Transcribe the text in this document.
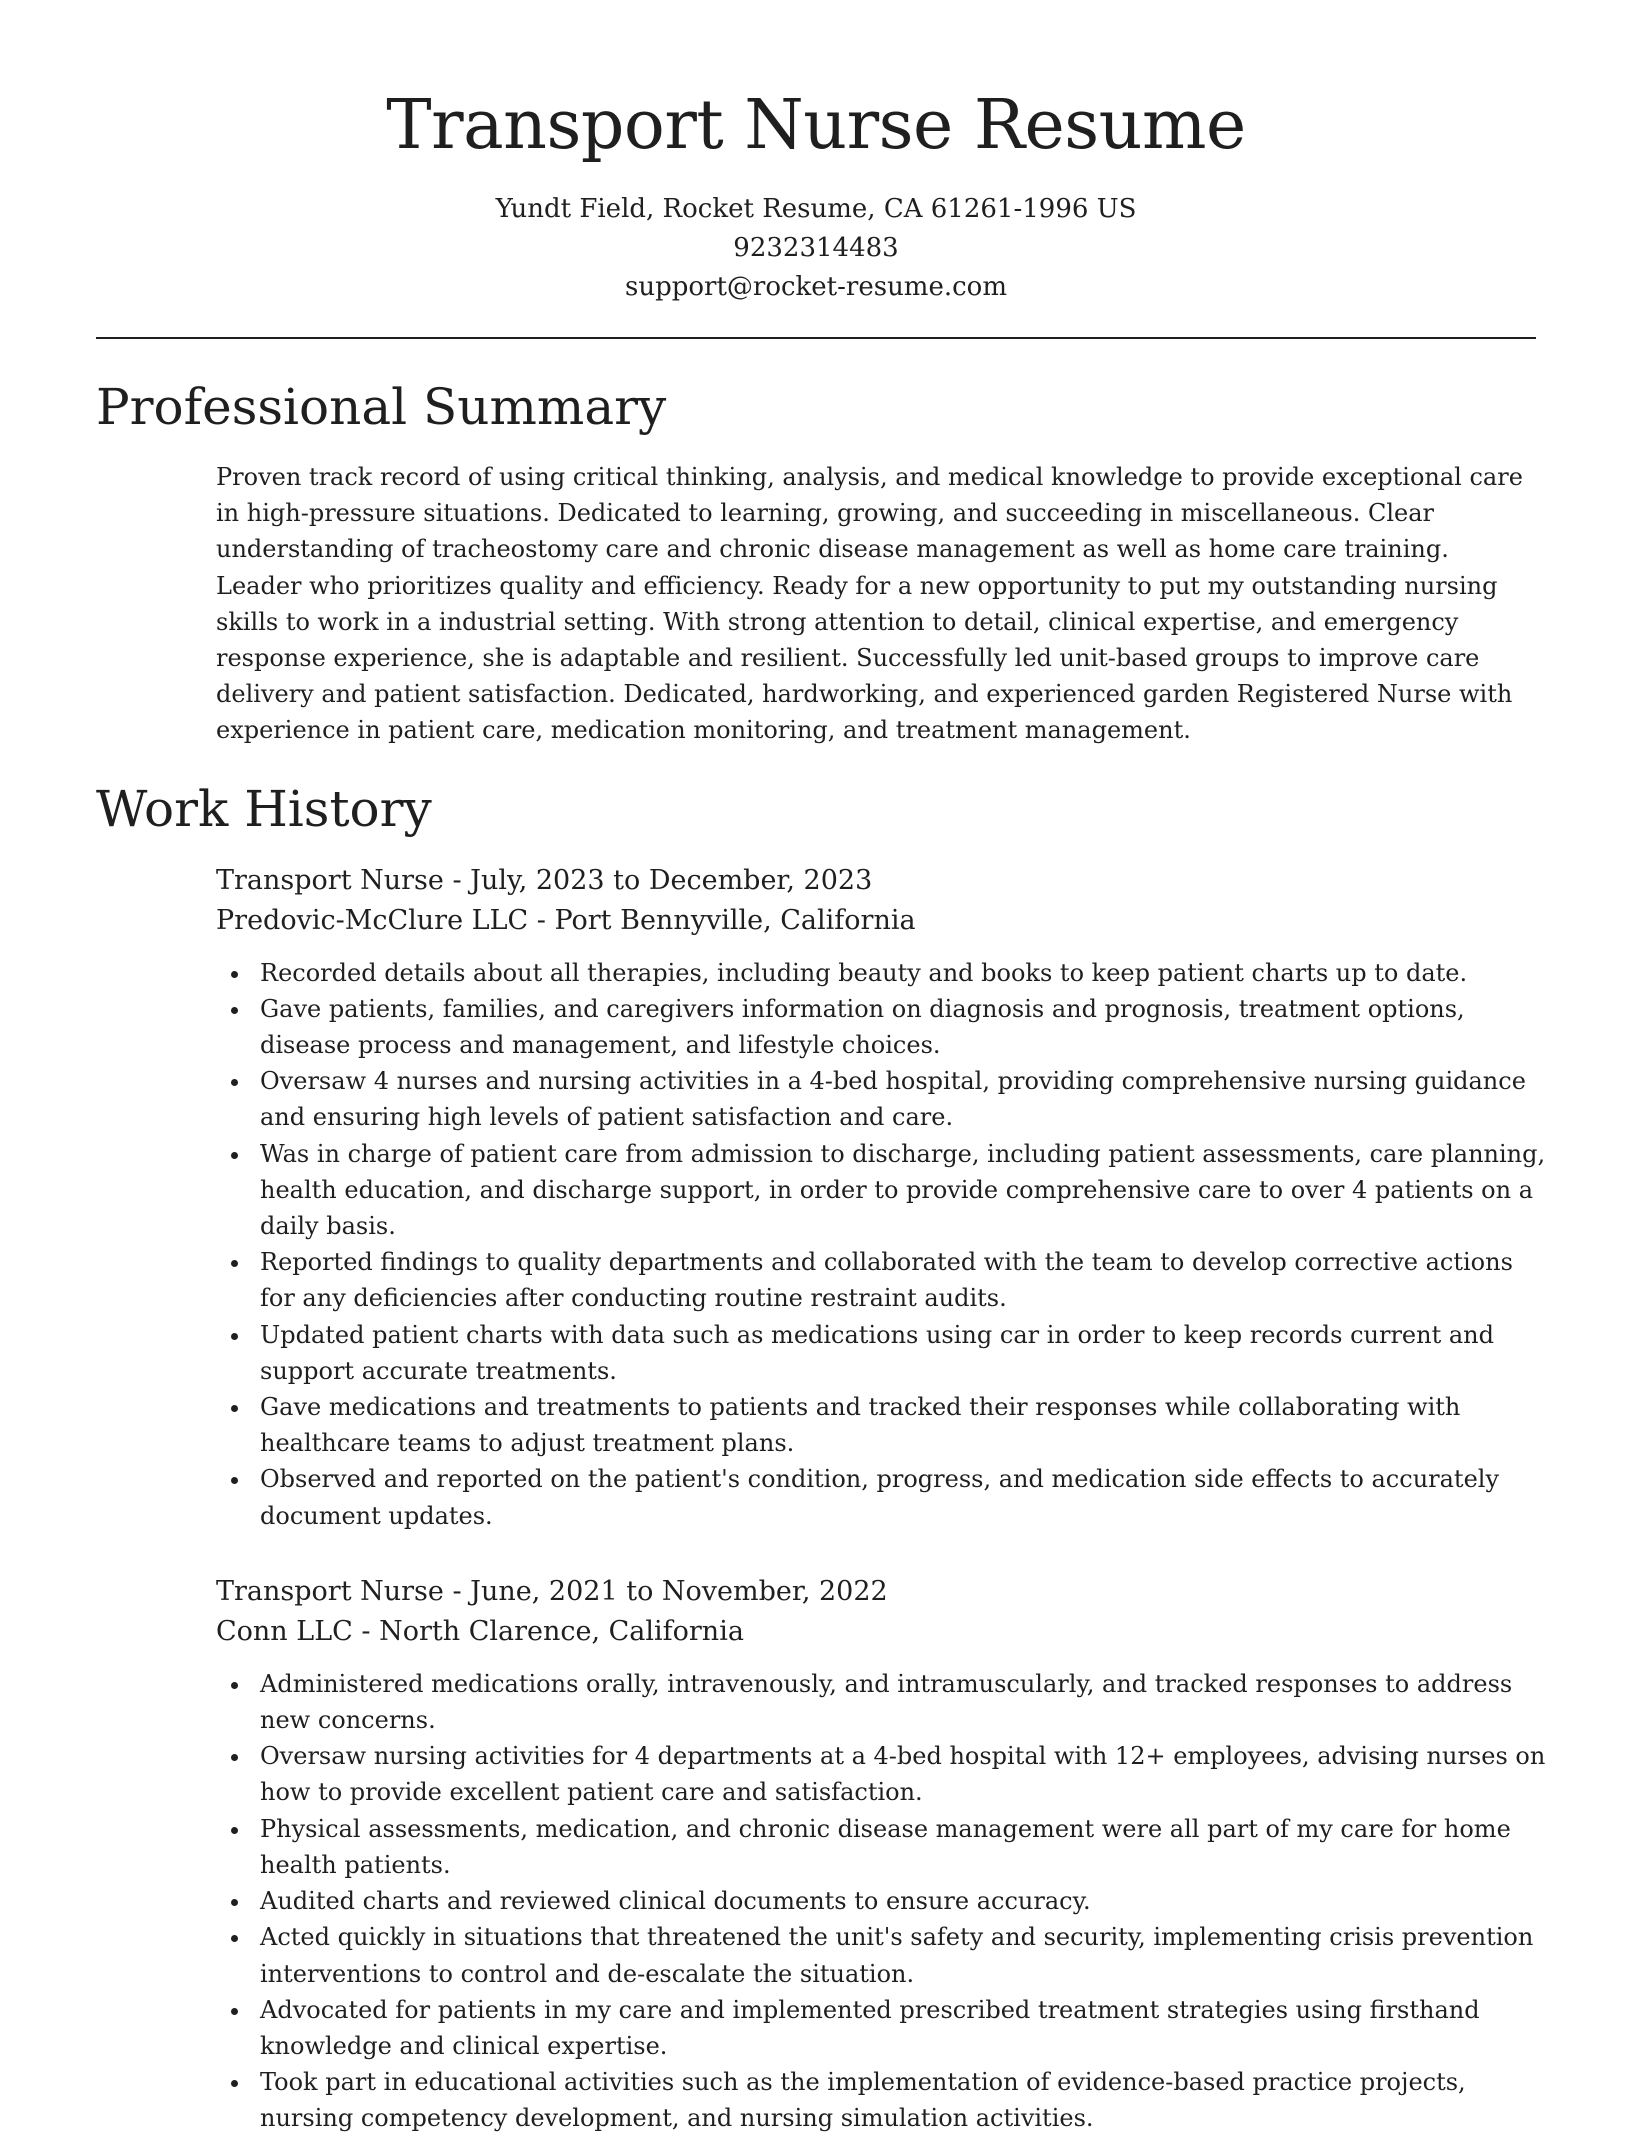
Transport Nurse Resume
Yundt Field, Rocket Resume, CA 61261-1996 US
9232314483
support@rocket-resume.com
Professional Summary

Proven track record of using critical thinking, analysis, and medical knowledge to provide exceptional care in high-pressure situations. Dedicated to learning, growing, and succeeding in miscellaneous. Clear understanding of tracheostomy care and chronic disease management as well as home care training. Leader who prioritizes quality and efficiency. Ready for a new opportunity to put my outstanding nursing skills to work in a industrial setting. With strong attention to detail, clinical expertise, and emergency response experience, she is adaptable and resilient. Successfully led unit-based groups to improve care delivery and patient satisfaction. Dedicated, hardworking, and experienced garden Registered Nurse with experience in patient care, medication monitoring, and treatment management.

Work History
Transport Nurse - July, 2023 to December, 2023
Predovic-McClure LLC - Port Bennyville, California
Recorded details about all therapies, including beauty and books to keep patient charts up to date.
Gave patients, families, and caregivers information on diagnosis and prognosis, treatment options, disease process and management, and lifestyle choices.
Oversaw 4 nurses and nursing activities in a 4-bed hospital, providing comprehensive nursing guidance and ensuring high levels of patient satisfaction and care.
Was in charge of patient care from admission to discharge, including patient assessments, care planning, health education, and discharge support, in order to provide comprehensive care to over 4 patients on a daily basis.
Reported findings to quality departments and collaborated with the team to develop corrective actions for any deficiencies after conducting routine restraint audits.
Updated patient charts with data such as medications using car in order to keep records current and support accurate treatments.
Gave medications and treatments to patients and tracked their responses while collaborating with healthcare teams to adjust treatment plans.
Observed and reported on the patient's condition, progress, and medication side effects to accurately document updates.
Transport Nurse - June, 2021 to November, 2022
Conn LLC - North Clarence, California
Administered medications orally, intravenously, and intramuscularly, and tracked responses to address new concerns.
Oversaw nursing activities for 4 departments at a 4-bed hospital with 12+ employees, advising nurses on how to provide excellent patient care and satisfaction.
Physical assessments, medication, and chronic disease management were all part of my care for home health patients.
Audited charts and reviewed clinical documents to ensure accuracy.
Acted quickly in situations that threatened the unit's safety and security, implementing crisis prevention interventions to control and de-escalate the situation.
Advocated for patients in my care and implemented prescribed treatment strategies using firsthand knowledge and clinical expertise.
Took part in educational activities such as the implementation of evidence-based practice projects, nursing competency development, and nursing simulation activities.
